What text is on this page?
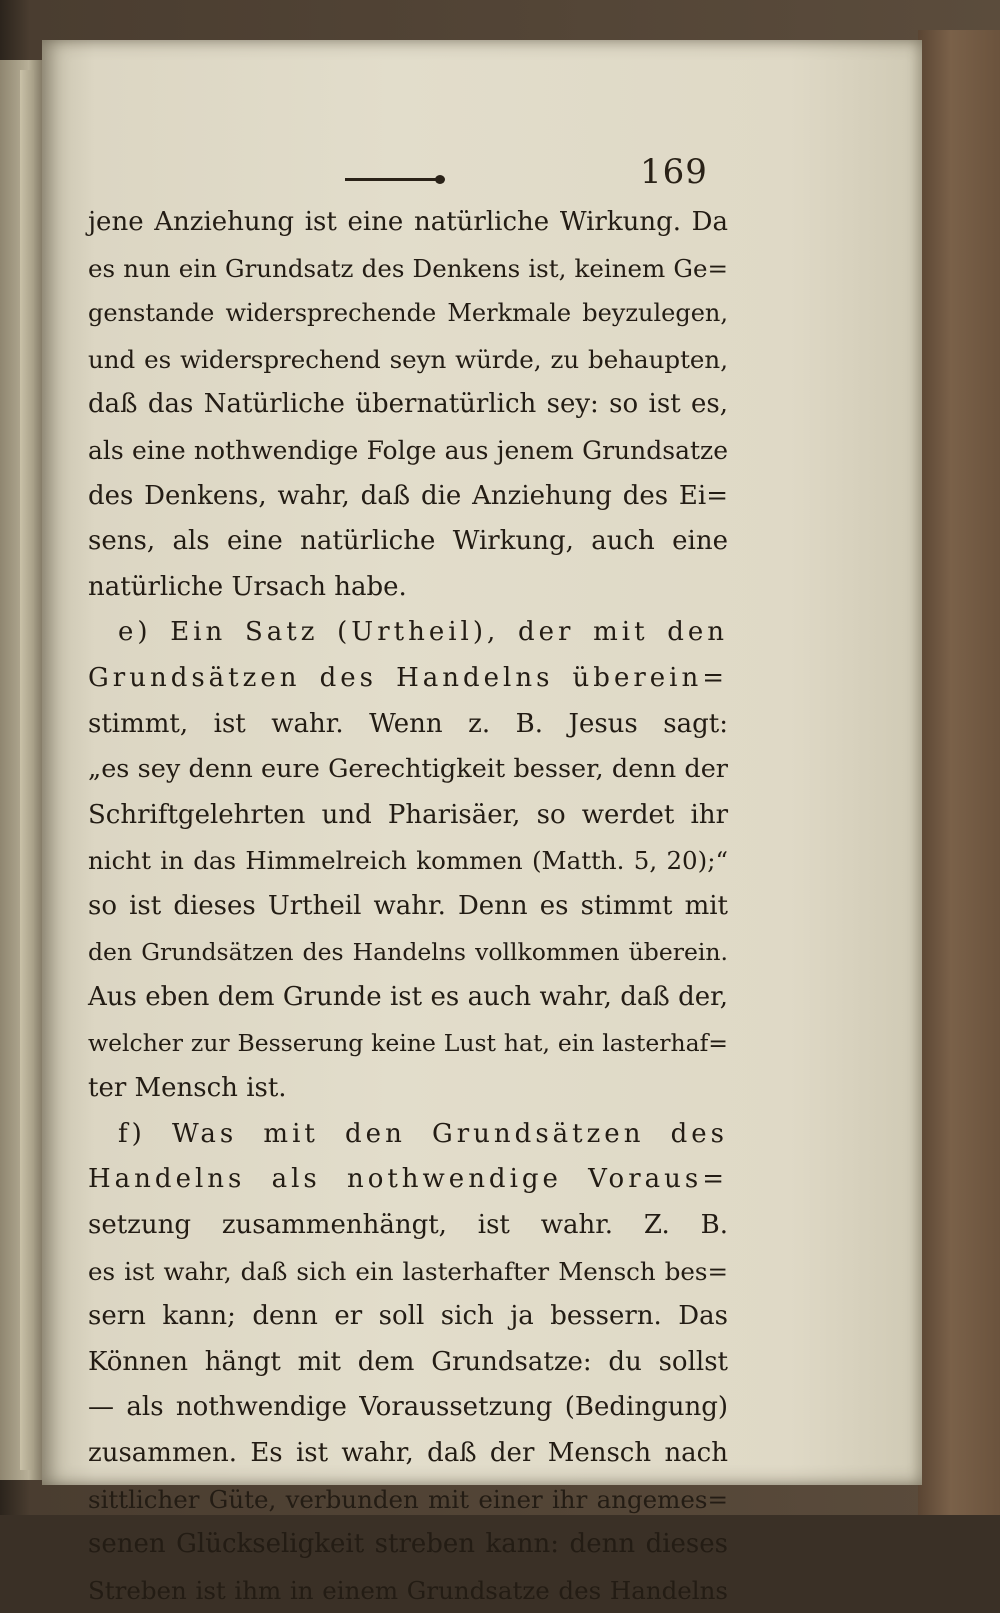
169
jene Anziehung ist eine natürliche Wirkung. Da
es nun ein Grundsatz des Denkens ist, keinem Ge=
genstande widersprechende Merkmale beyzulegen,
und es widersprechend seyn würde, zu behaupten,
daß das Natürliche übernatürlich sey: so ist es,
als eine nothwendige Folge aus jenem Grundsatze
des Denkens, wahr, daß die Anziehung des Ei=
sens, als eine natürliche Wirkung, auch eine
natürliche Ursach habe.
e) Ein Satz (Urtheil), der mit den
Grundsätzen des Handelns überein=
stimmt, ist wahr. Wenn z. B. Jesus sagt:
„es sey denn eure Gerechtigkeit besser, denn der
Schriftgelehrten und Pharisäer, so werdet ihr
nicht in das Himmelreich kommen (Matth. 5, 20);“
so ist dieses Urtheil wahr. Denn es stimmt mit
den Grundsätzen des Handelns vollkommen überein.
Aus eben dem Grunde ist es auch wahr, daß der,
welcher zur Besserung keine Lust hat, ein lasterhaf=
ter Mensch ist.
f) Was mit den Grundsätzen des
Handelns als nothwendige Voraus=
setzung zusammenhängt, ist wahr. Z. B.
es ist wahr, daß sich ein lasterhafter Mensch bes=
sern kann; denn er soll sich ja bessern. Das
Können hängt mit dem Grundsatze: du sollst
— als nothwendige Voraussetzung (Bedingung)
zusammen. Es ist wahr, daß der Mensch nach
sittlicher Güte, verbunden mit einer ihr angemes=
senen Glückseligkeit streben kann: denn dieses
Streben ist ihm in einem Grundsatze des Handelns
